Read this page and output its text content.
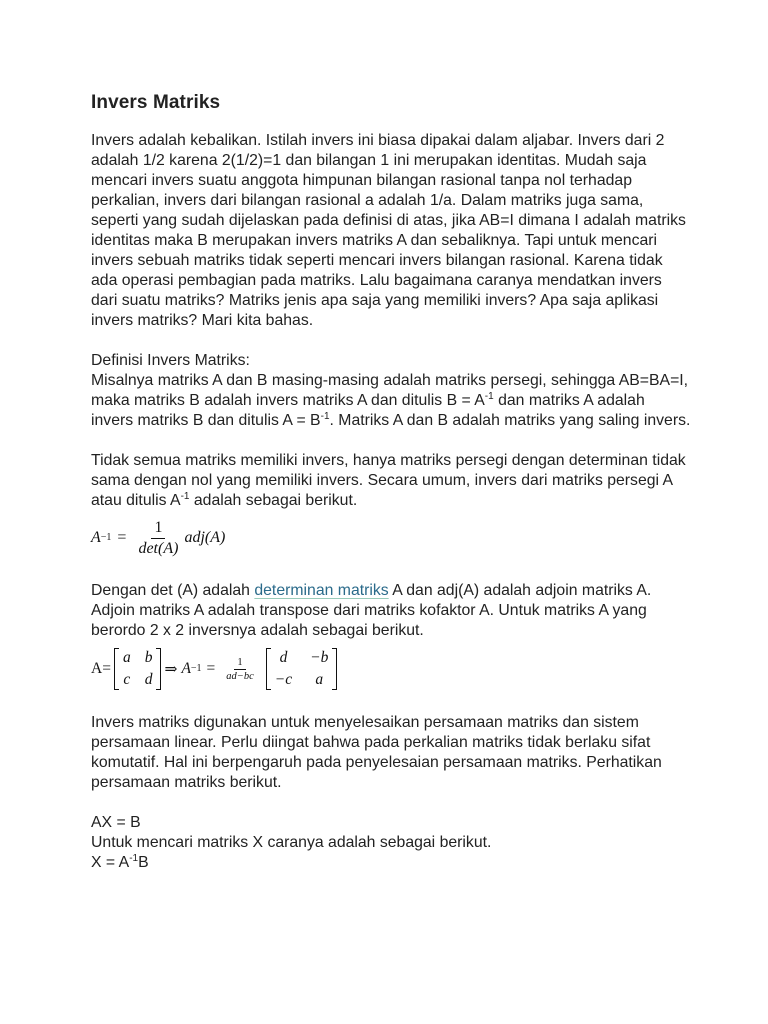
Invers Matriks

Invers adalah kebalikan. Istilah invers ini biasa dipakai dalam aljabar. Invers dari 2 adalah 1/2 karena 2(1/2)=1 dan bilangan 1 ini merupakan identitas. Mudah saja mencari invers suatu anggota himpunan bilangan rasional tanpa nol terhadap perkalian, invers dari bilangan rasional a adalah 1/a. Dalam matriks juga sama, seperti yang sudah dijelaskan pada definisi di atas, jika AB=I dimana I adalah matriks identitas maka B merupakan invers matriks A dan sebaliknya. Tapi untuk mencari invers sebuah matriks tidak seperti mencari invers bilangan rasional. Karena tidak ada operasi pembagian pada matriks. Lalu bagaimana caranya mendatkan invers dari suatu matriks? Matriks jenis apa saja yang memiliki invers? Apa saja aplikasi invers matriks? Mari kita bahas.

Definisi Invers Matriks:
Misalnya matriks A dan B masing-masing adalah matriks persegi, sehingga AB=BA=I, maka matriks B adalah invers matriks A dan ditulis $B = A^{-1}$ dan matriks A adalah invers matriks B dan ditulis $A = B^{-1}$. Matriks A dan B adalah matriks yang saling invers.

Tidak semua matriks memiliki invers, hanya matriks persegi dengan determinan tidak sama dengan nol yang memiliki invers. Secara umum, invers dari matriks persegi A atau ditulis $A^{-1}$ adalah sebagai berikut.

$A -1 = \frac{1}{\det(A)} adj(A)$

Dengan det (A) adalah determinan matriks A dan adj(A) adalah adjoin matriks A. Adjoin matriks A adalah transpose dari matriks kofaktor A. Untuk matriks A yang berordo 2 x 2 inversnya adalah sebagai berikut.

A=
a b
c d
⇒ $A -1 = \frac{1}{ad-bc}$	d	−b
−c	a

Invers matriks digunakan untuk menyelesaikan persamaan matriks dan sistem persamaan linear. Perlu diingat bahwa pada perkalian matriks tidak berlaku sifat komutatif. Hal ini berpengaruh pada penyelesaian persamaan matriks. Perhatikan persamaan matriks berikut.

AX = B
Untuk mencari matriks X caranya adalah sebagai berikut.
$X = A^{-1}B$
